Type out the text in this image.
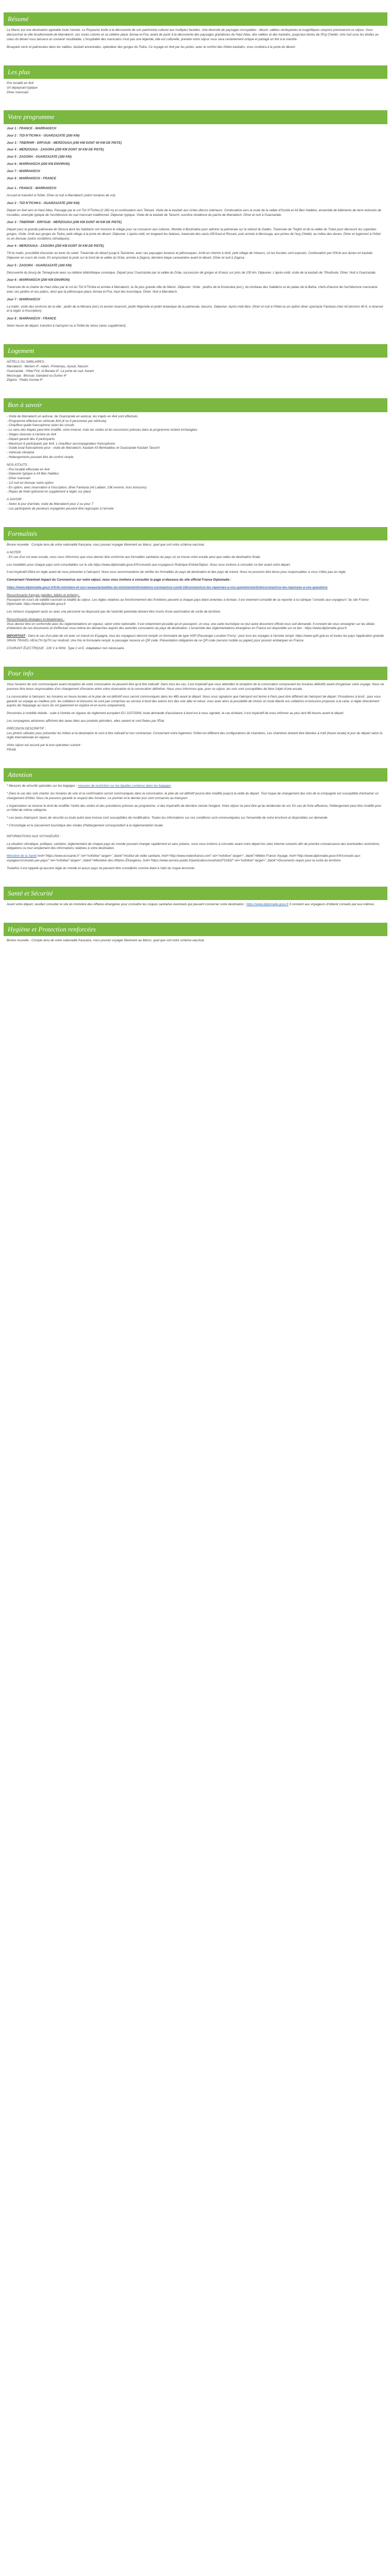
Résumé

Le Maroc est une destination agréable toute l'année. Le Royaume invite à la découverte de son patrimoine culturel aux multiples facettes. Une diversité de paysages incroyables : désert, vallées verdoyantes et magnifiques canyons ponctueront ce séjour. Vous découvrirez la ville bouillonnante de Marrakech, ses souks colorés et sa célèbre place Jemaa el-Fna, avant de partir à la découverte des paysages grandioses du Haut Atlas, des vallées et des kasbahs, jusqu'aux dunes de l'Erg Chebbi. Une nuit sous les étoiles au cœur du désert vous laissera un souvenir inoubliable. L'hospitalité des marocains n'est pas une légende, elle est culturelle, prendre votre séjour vous sera certainement unique et partagé un thé à la menthe.

Bouquets verts et palmeraies dans les vallées, kasbah ancestrales, splendeur des gorges du Todra. Ce voyage en 4x4 par les pistes, avec le confort des hôtels-kasbahs, vous conduira à la porte du désert.

Les plus
Prix localité en 4x4
Un dépaysant typique
Dîner marocain
Votre programme

Jour 1 : FRANCE - MARRAKECH

Jour 2 : TIZI N'TICHKA - OUARZAZATE (200 KM)

Jour 3 : TINERHIR - ERFOUD - MERZOUGA (240 KM DONT 40 KM DE PISTE)

Jour 4 : MERZOUGA - ZAGORA (250 KM DONT 30 KM DE PISTE)

Jour 5 : ZAGORA - OUARZAZATE (180 KM)

Jour 6 : MARRAKECH (200 KM ENVIRON)

Jour 7 : MARRAKECH

Jour 8 : MARRAKECH - FRANCE

Jour 1 : FRANCE - MARRAKECH

Accueil et transfert à l'hôtel. Dîner et nuit à Marrakech (selon horaires de vol).

Jour 2 : TIZI N'TICHKA - OUARZAZATE (200 KM)

Départ en 4x4 vers le Haut Atlas. Passage par le col Tizi N'Tichka (2 260 m) et continuation vers Telouet. Visite de la kasbah aux riches décors intérieurs. Continuation vers la route de la vallée d'Ounila et Aït Ben Haddou, ensemble de bâtiments de terre entourés de murailles, exemple typique de l'architecture du sud marocain traditionnel. Déjeuner typique. Visite de la kasbah de Taourirt, ouvrière résidence du pacha de Marrakech. Dîner et nuit à Ouarzazate.

Jour 3 : TINERHIR - ERFOUD - MERZOUGA (240 KM DONT 40 KM DE PISTE)

Départ pour la grande palmeraie de Skoura dont les habitants ont renoncé le village pour se consacrer aux cultures. Montée à Boulmalne pour admirer la palmeraie sur le rebord du Dadès. Traversée de Tinghir et de la vallée du Todra pour découvrir les superbes gorges. Visite. Arrêt aux gorges du Todra, petit village à la porte du désert. Déjeuner. L'après-midi, en longeant les falaises, traversée des oasis d'Erfoud et Rissani, puis arrivée à Merzouga, aux portes de l'erg Chebbi, au milieu des dunes. Dîner et logement à l'hôtel ou en bivouac (selon conditions climatiques).

Jour 4 : MERZOUGA - ZAGORA (250 KM DONT 30 KM DE PISTE)

Tôt le matin, possibilité d'assister au lever du soleil. Traversée du désert jusqu'à Tazzarine, avec ses paysages lunaires et pittoresques. Arrêt en chemin à Alnif, petit village de mineurs, où les fossiles sont exposés. Continuation par N'Kob aux dunes en kasbah. Déjeuner en cours de route. En empruntant la piste sur le bord de la vallée du Drâa, arrivée à Zagora, dernière étape caravanière avant le désert. Dîner et nuit à Zagora.

Jour 5 : ZAGORA - OUARZAZATE (180 KM)

Découverte du bourg de Tamegroute avec sa célèbre bibliothèque coranique. Départ pour Ouarzazate par la vallée du Drâa, succession de gorges et d'oasis sur près de 100 km. Déjeuner. L'après-midi, visite de la kasbah de Tifoultoute. Dîner. Nuit à Ouarzazate.

Jour 6 : MARRAKECH (200 KM ENVIRON)

Traversée de la chaîne du Haut Atlas par le col du Tizi N'Tichka et arrivée à Marrakech, la 3e plus grande ville du Maroc. Déjeuner. Visite : jardins de la Koutoubia (ext.), du tombeau des Saâdiens et du palais de la Bahia, chefs-d'œuvre de l'architecture marocaine avec ses jardins et ses patios, ainsi que la pittoresque place Jemaa el-Fna, haut lieu touristique. Dîner. Nuit à Marrakech.

Jour 7 : MARRAKECH

La matin, visite des environs de la ville : jardin de la Menara (ext.) et ancien réservoir, jardin Majorelle et jardin botanique de la palmeraie, bassins. Déjeuner. Après-midi libre. Dîner et nuit à l'hôtel ou en option dîner spectacle Fantasia chez Ali (environ 40 €, à réserver et à régler à l'inscription).

Jour 8 : MARRAKECH - FRANCE

Selon heure de départ, transfert à l'aéroport ou à l'hôtel de retour (avec supplément).

Logement
HÔTELS OU SIMILAIRES :
Marrakech : Meriem 4*, Adam, Printemps, Ayoub, Nassim
Ouarzazate : Hôtel Fint, Al Baraka 4*, La porte du sud, Karam
Merzouga : Bivouac standard ou Dunes 4*
Zagora : Palais Asmaa 4*
Bon à savoir
- Visite de Marrakech en autocar, de Ouarzazate en autocar, les trajets en 4x4 sont effectués
- Programme effectué en véhicule 4x4 (4 ou 6 personnes par véhicule)
- Chauffeur-guide francophone selon les circuits
- Le sens des étapes peut être modifié, voire inversé, mais les visites et les excursions prévues dans le programme restent inchangées
- Sièges réservés à l'arrière du 4x4
- Départ garanti dès 4 participants
- Maximum 6 participants par 4x4, 1 chauffeur accompagnateur francophone
- Guide local francophone pour : visite de Marrakech, Kasbah Aït Benhaddou et Ouarzazate Kasbah Taourirt
- Véhicule climatisé
- Hébergements pouvant être de confort simple
NOS ATOUTS :
- Prix localité effectuée en 4x4
- Déjeuner typique à Aït Ben Haddou
- Dîner marocain
- 1/2 nuit en bivouac selon option
- En option, avec réservation à l'inscription, dîner Fantasia (Ali Laâlam, 23€ environ, hors boissons)
- Repas de Noël optionnel en supplément à régler sur place
A SAVOIR :
- Selon le jour d'arrivée, visite de Marrakech pour 2 ou pour 7
- Les participants de plusieurs voyagistes peuvent être regroupés à l'arrivée
Formalités

Bonne nouvelle : Compte tenu de votre nationalité française, vous pouvez voyager librement au Maroc, quel que soit votre schéma vaccinal.

A NOTER

- En cas d'un vol avec escale, nous vous informons que vous devrez être conforme aux formalités sanitaires du pays où se trouve votre escale ainsi que celles de destination finale.

Les modalités pour chaque pays sont consultables sur le site https://www.diplomatie.gouv.fr/fr/conseils-aux-voyageurs/ Rubrique Entrée/Séjour. Nous vous invitons à consulter ce lien avant votre départ.

Il est impératif d'être en règle avant de vous présenter à l'aéroport. Nous vous recommandons de vérifier les formalités du pays de destination et des pays de transit. Nous ne pouvons être tenus pour responsables si vous n'êtes pas en règle.

Concernant l'éventuel impact du Coronavirus sur votre séjour, nous vous invitons à consulter la page ci-dessous du site officiel France Diplomatie :

https://www.diplomatie.gouv.fr/fr/le-ministere-et-son-reseau/actualites-du-ministere/informations-coronavirus-covid-19/coronavirus-les-reponses-a-vos-questions/article/coronavirus-les-reponses-a-vos-questions

Ressortissants français (adultes, bébés et enfants) :

Passeport en cours de validité couvrant la totalité du séjour. Les règles relatives au fonctionnement des frontières peuvent à chaque pays étant amenées à évoluer, il est vivement conseillé de se reporter à la rubrique "conseils aux voyageurs" du site France Diplomatie. https://www.diplomatie.gouv.fr

Les mineurs voyageant seuls ou avec une personne ne disposant pas de l'autorité parentale doivent être munis d'une autorisation de sortie de territoire.

Ressortissants étrangers et binationaux :

Vous devrez être en conformité avec les réglementations en vigueur, selon votre nationalité. Il est notamment possible qu'un passeport, un visa, une carte touristique ou tout autre document officiel vous soit demandé. Il convient de vous renseigner sur les délais d'obtention de ces documents et d'effectuer vous-même les démarches auprès des autorités consulaires du pays de destination. L'ensemble des réglementations étrangères en France est disponible sur ce lien : https://www.diplomatie.gouv.fr.

IMPORTANT : Dans le cas d'un plan de vol avec un transit en Espagne, tous les voyageurs devront remplir un formulaire de type HSP (Passenger Location Form) ; pour tous les voyages à l'arrivée rempli. https://www.spth.gob.es et toutes les pays l'application gratuite SPAIN TRAVEL HEALTH-SpTH sur Android. Une fois le formulaire rempli, le passager recevra un QR code. Présentation obligatoire de ce QR code (version mobile ou papier) pour pouvoir embarquer en France.

COURANT ÉLECTRIQUE : 220 V à 50Hz. Type C et E. Adaptateur non nécessaire.

Pour info

Vous horaires de vols communiqués avant réception de votre convocation ne peuvent être qu'à titre indicatif. Dans tous les cas, il est impératif que vous attendiez la réception de la convocation comprenant les horaires définitifs avant d'organiser votre voyage. Nous ne pouvons être tenus responsables d'un changement d'horaires entre votre réservation et la convocation définitive. Nous vous informons que, pour ce séjour, les vols sont susceptibles de faire l'objet d'une escale.

La convocation à l'aéroport, les horaires en heure locales et le plan de vol définitif vous seront communiqués dans les 48h avant le départ. Nous vous signalons que l'aéroport est fermé à Paris peut être différent de l'aéroport de départ. Procédures à bord : pour vous garantir un voyage au meilleur prix, les collations et boissons ne sont pas comprises au service à bord des avions lors des vols aller et retour, vous avez alors la possibilité de choisir un toute liberté vos collations et boissons proposés à la carte, à régler directement auprès de l'équipage au cours du vol (paiement en espèce et en euros uniquement).

Personnes à mobilité réduite : suite à l'entrée en vigueur du règlement européen EU 1107/2006, toute demande d'assistance à bord est à nous signaler, le cas échéant, il est impératif de nous informer au plus tard 48 heures avant le départ.

Les compagnies aériennes affichent des taxes liées aux produits pétroliers, elles varient et sont fixées par l'État.

PRÉCISION DESCRIPTIF :

Les photos utilisées pour présenter les hôtels et la destination le sont à titre indicatif et non contractuel. Concernant votre logement, l'hôtel est différent des configurations de chambres. Les chambres doivent être libérées à midi (heure locale) le jour du départ selon la règle internationale en vigueur.

Votre séjour est assuré par le tour-opérateur suivant :
FRAM
Attention

* Mesures de sécurité spéciales sur les bagages : mesures de restriction sur les liquides contenus dans les bagages

* Dans le cas des vols charter, les horaires de vols et la confirmation seront communiqués dans la convocation, le plan de vol définitif pourra être modifié jusqu'à la veille du départ. Tout risque de changement des vols de la compagnie est susceptible d'entraîner un changement d'hôtel. Nous ne pouvons garantir le respect des horaires. Le premier et le dernier jour sont consacrés au transport.

L'organisateur se réserve le droit de modifier l'ordre des visites et des prestations prévues au programme, si des impératifs de dernière minute l'exigent. Votre séjour ne peut être qu'au lendemain du vol. En cas de forte affluence, l'hébergement peut être modifié pour un hôtel de même catégorie.

* Les taxes d'aéroport, taxes de sécurité ou toute autre taxe incluse sont susceptibles de modification. Toutes les informations sur ces conditions sont communiquées sur l'ensemble de notre brochure et disponibles sur demande.

* Chronologie et la classement touristique des modes d'hébergement correspondent à la réglementation locale.

INFORMATIONS AUX VOYAGEURS :

La situation climatique, politique, sanitaire, réglementaire de chaque pays du monde pouvant changer rapidement et sans préavis, nous vous invitons à consulter avant votre départ les sites internet suivants afin de prendre connaissance des éventuelles restrictions, obligations ou tout simplement des informations relatives à votre destination.

Ministère de la Santé href="https://www.ecosante.fr" rel="nofollow" target="_blank">Institut de veille sanitaire, href="http://www.meteofrance.com" rel="nofollow" target="_blank">Météo France Voyage, href="http://www.diplomatie.gouv.fr/fr/conseils-aux-voyageurs/conseils-par-pays/" rel="nofollow" target="_blank">Ministère des Affaires Étrangères, href="https://www.service-public.fr/particuliers/vosdroits/F31832" rel="nofollow" target="_blank">Documents requis pour la sortie du territoire

Toutefois il est rappelé qu'aucune règle du monde et aucun pays ne peuvent être considérés comme étant à l'abri du risque terroriste.

Santé et Sécurité

Avant votre départ, veuillez consulter le site du ministère des Affaires étrangères pour connaître les risques sanitaires éventuels qui peuvent concerner votre destination : https://www.diplomatie.gouv.fr Il convient aux voyageurs d'obtenir conseils par eux-mêmes.

Hygiène et Protection renforcées

Bonne nouvelle : Compte tenu de votre nationalité française, vous pouvez voyager librement au Maroc, quel que soit votre schéma vaccinal.
